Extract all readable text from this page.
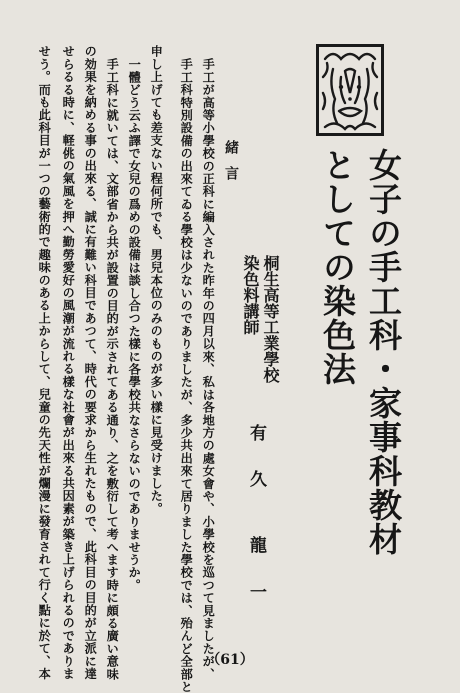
女子の手工科・家事科教材
としての染色法
桐生高等工業學校
染色料講師
有
久
龍
一
緒言
手工が高等小學校の正科に編入された昨年の四月以來、私は各地方の處女會や、小學校を巡つて見ましたが、
手工科特別設備の出來てゐる學校は少ないのでありましたが、多少共出來て居りました學校では、殆んど全部と
申し上げても差支ない程何所でも、男兒本位のみのものが多い樣に見受けました。
一體どう云ふ譯で女兒の爲めの設備は談し合つた樣に各學校共なさらないのでありませうか。
手工科に就いては、文部省から共が設置の目的が示されてある通り、之を敷衍して考へます時に頗る廣い意味
の効果を納める事の出來る、誠に有難い科目であつて、時代の要求から生れたもので、此科目の目的が立派に達
せらるる時に、軽佻の氣風を押へ勤勞愛好の風潮が流れる樣な社會が出來る共因素が築き上げられるのでありま
せう。而も此科目が一つの藝術的で趣味のある上からして、兒童の先天性が爛漫に發育されて行く點に於て、本	（61）
